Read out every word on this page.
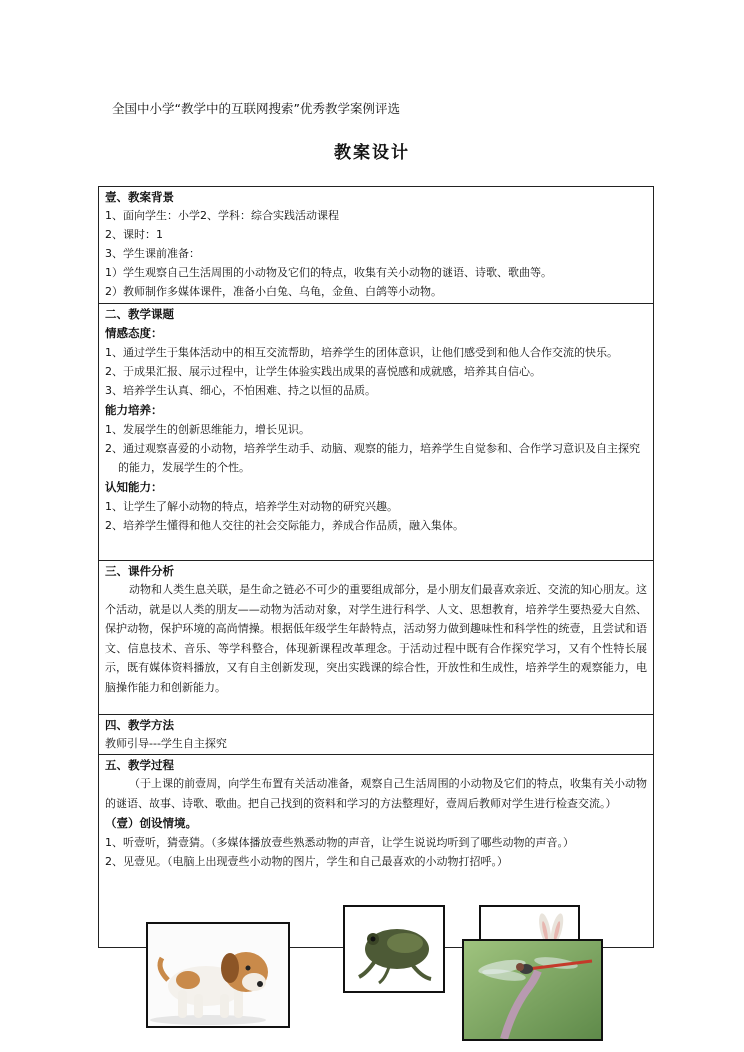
全国中小学“教学中的互联网搜索”优秀教学案例评选
教案设计
壹、教案背景
1、面向学生：小学2、学科：综合实践活动课程
2、课时：1
3、学生课前准备：
1）学生观察自己生活周围的小动物及它们的特点，收集有关小动物的谜语、诗歌、歌曲等。
2）教师制作多媒体课件，准备小白兔、乌龟，金鱼、白鸽等小动物。
二、教学课题
情感态度：
1、通过学生于集体活动中的相互交流帮助，培养学生的团体意识，让他们感受到和他人合作交流的快乐。
2、于成果汇报、展示过程中，让学生体验实践出成果的喜悦感和成就感，培养其自信心。
3、培养学生认真、细心，不怕困难、持之以恒的品质。
能力培养：
1、发展学生的创新思维能力，增长见识。
2、通过观察喜爱的小动物，培养学生动手、动脑、观察的能力，培养学生自觉参和、合作学习意识及自主探究的能力，发展学生的个性。
认知能力：
1、让学生了解小动物的特点，培养学生对动物的研究兴趣。
2、培养学生懂得和他人交往的社会交际能力，养成合作品质，融入集体。
三、课件分析
动物和人类生息关联，是生命之链必不可少的重要组成部分，是小朋友们最喜欢亲近、交流的知心朋友。这个活动，就是以人类的朋友——动物为活动对象，对学生进行科学、人文、思想教育，培养学生要热爱大自然、保护动物，保护环境的高尚情操。根据低年级学生年龄特点，活动努力做到趣味性和科学性的统壹，且尝试和语文、信息技术、音乐、等学科整合，体现新课程改革理念。于活动过程中既有合作探究学习，又有个性特长展示，既有媒体资料播放，又有自主创新发现，突出实践课的综合性，开放性和生成性，培养学生的观察能力，电脑操作能力和创新能力。
四、教学方法
教师引导---学生自主探究
五、教学过程
（于上课的前壹周，向学生布置有关活动准备，观察自己生活周围的小动物及它们的特点，收集有关小动物的谜语、故事、诗歌、歌曲。把自己找到的资料和学习的方法整理好，壹周后教师对学生进行检查交流。）
（壹）创设情境。
1、听壹听，猜壹猜。（多媒体播放壹些熟悉动物的声音，让学生说说均听到了哪些动物的声音。）
2、见壹见。（电脑上出现壹些小动物的图片，学生和自己最喜欢的小动物打招呼。）
